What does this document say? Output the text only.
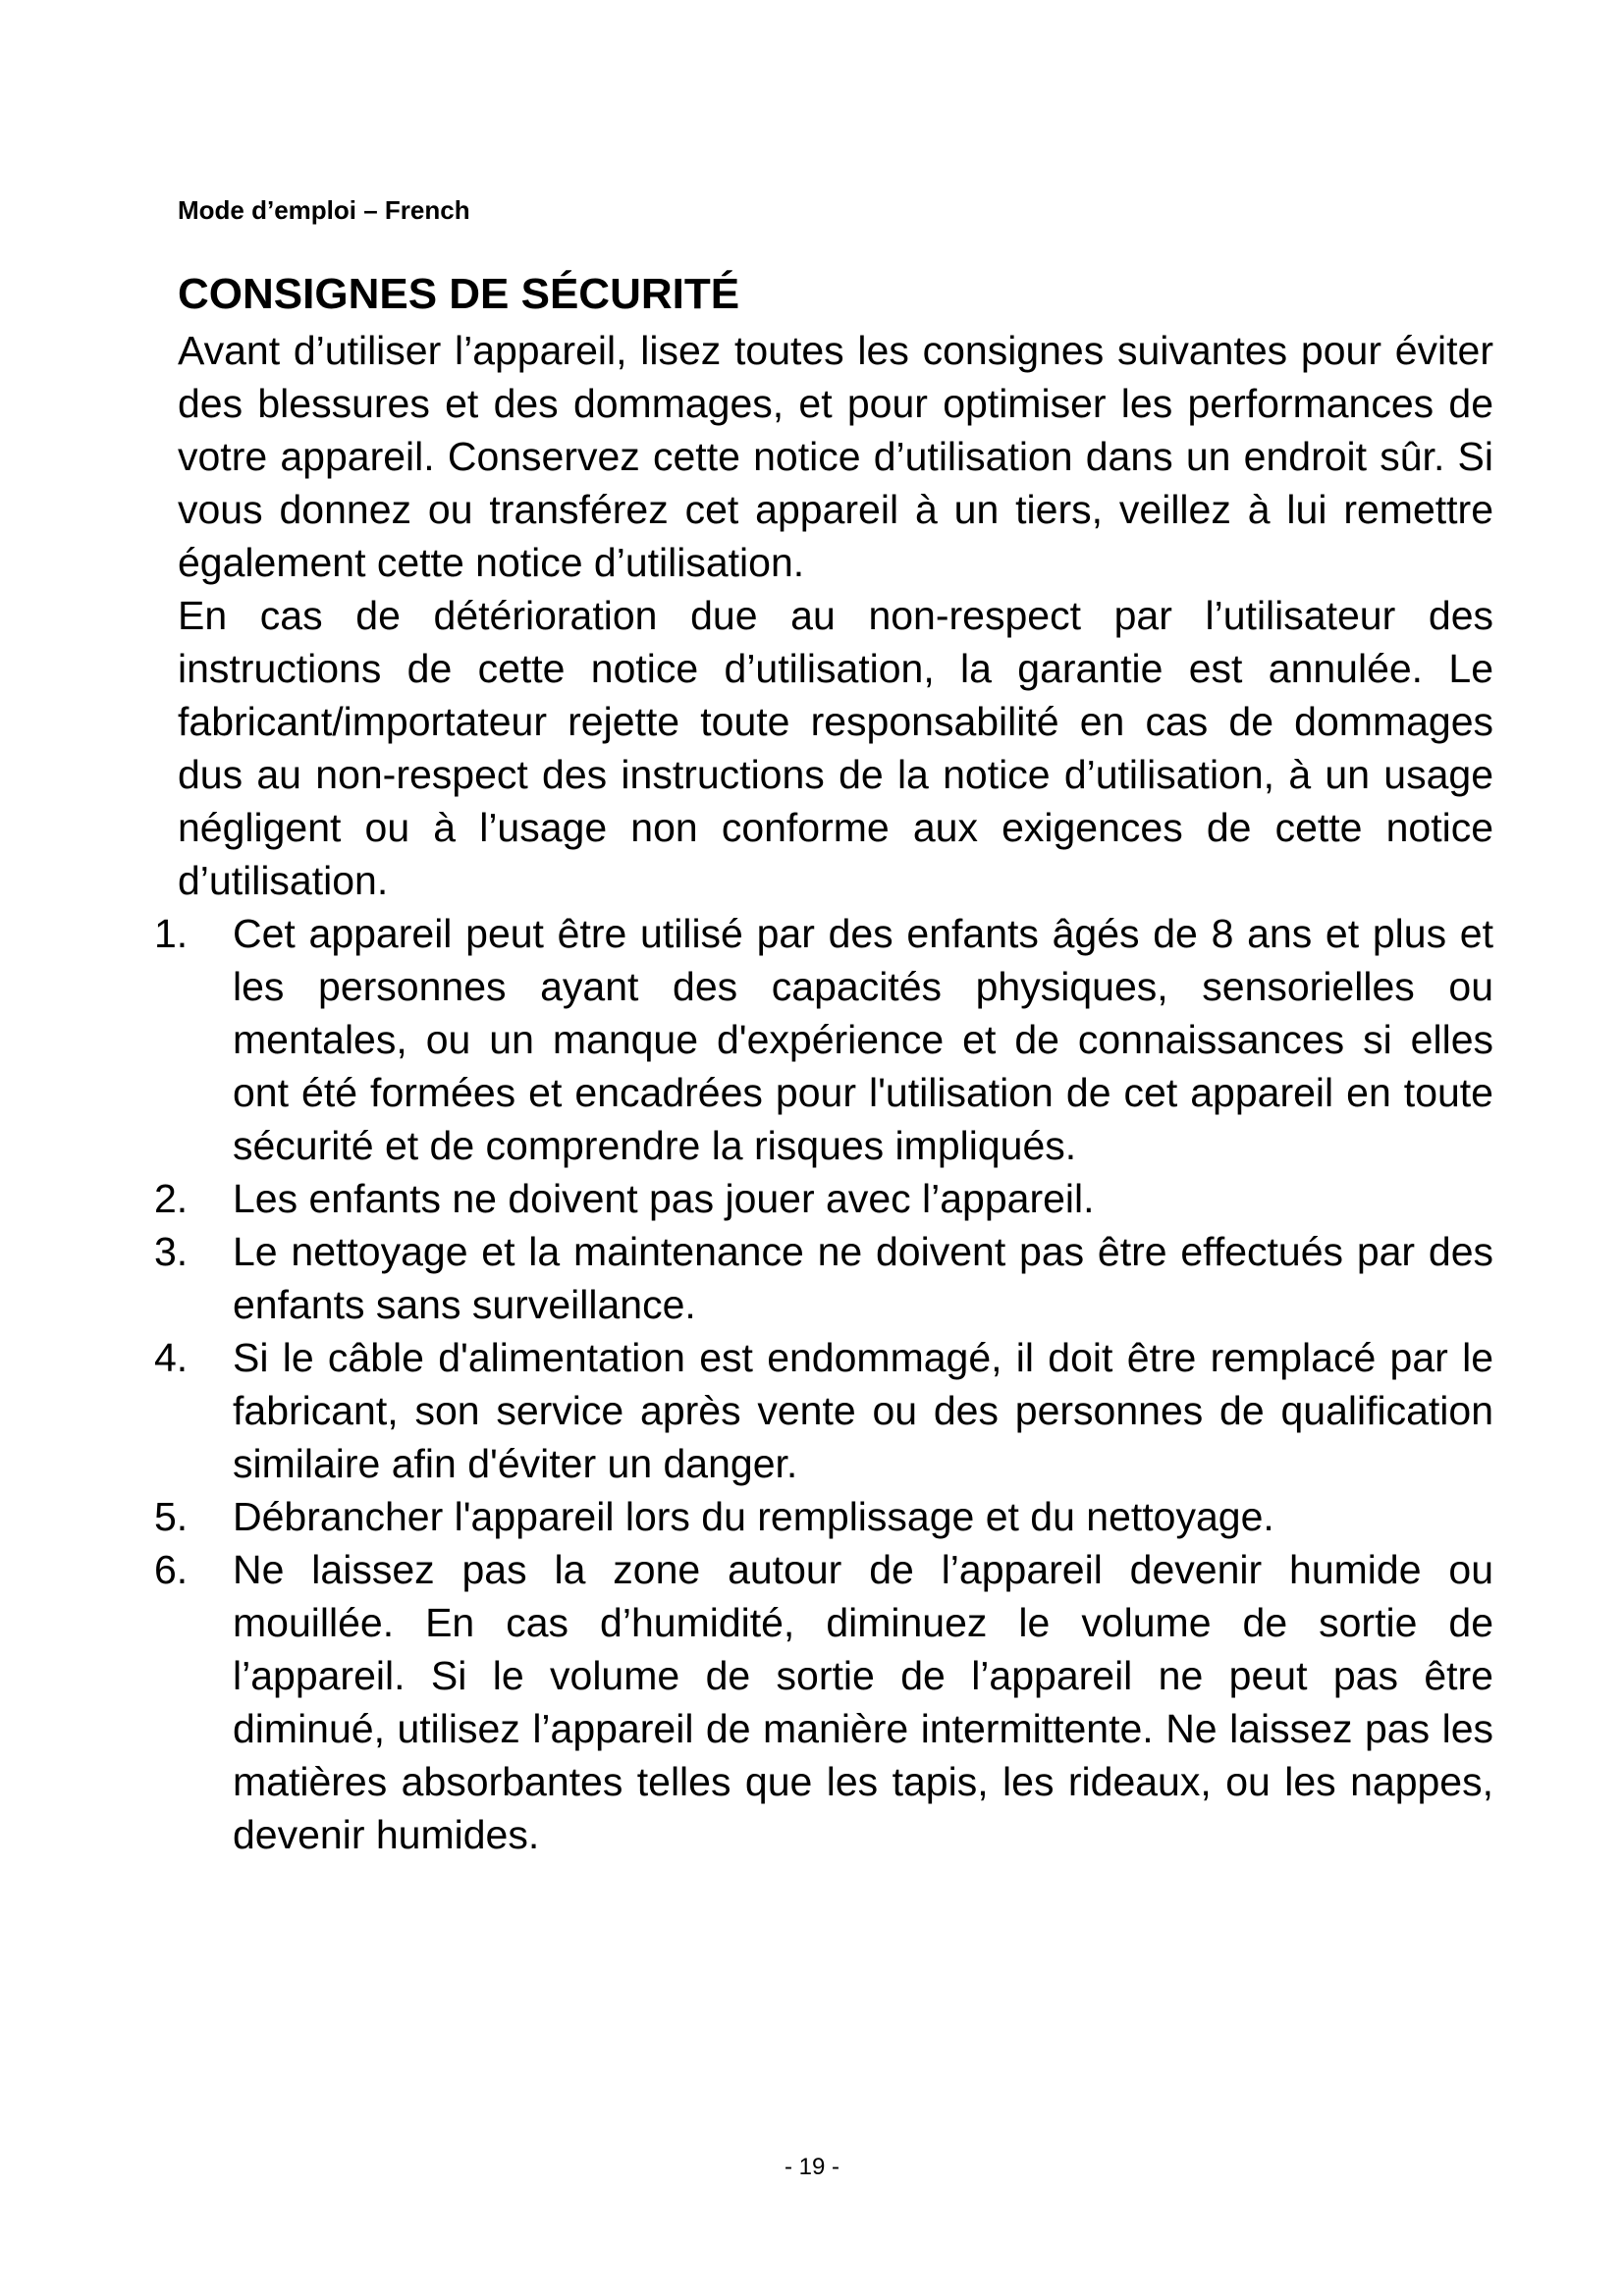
Mode d’emploi – French
CONSIGNES DE SÉCURITÉ

Avant d’utiliser l’appareil, lisez toutes les consignes suivantes pour éviter des blessures et des dommages, et pour optimiser les performances de votre appareil. Conservez cette notice d’utilisation dans un endroit sûr. Si vous donnez ou transférez cet appareil à un tiers, veillez à lui remettre également cette notice d’utilisation.

En cas de détérioration due au non-respect par l’utilisateur des instructions de cette notice d’utilisation, la garantie est annulée. Le fabricant/importateur rejette toute responsabilité en cas de dommages dus au non-respect des instructions de la notice d’utilisation, à un usage négligent ou à l’usage non conforme aux exigences de cette notice d’utilisation.

1.	Cet appareil peut être utilisé par des enfants âgés de 8 ans et plus et les personnes ayant des capacités physiques, sensorielles ou mentales, ou un manque d'expérience et de connaissances si elles ont été formées et encadrées pour l'utilisation de cet appareil en toute sécurité et de comprendre la risques impliqués.
2.	Les enfants ne doivent pas jouer avec l’appareil.
3.	Le nettoyage et la maintenance ne doivent pas être effectués par des enfants sans surveillance.
4.	Si le câble d'alimentation est endommagé, il doit être remplacé par le fabricant, son service après vente ou des personnes de qualification similaire afin d'éviter un danger.
5.	Débrancher l'appareil lors du remplissage et du nettoyage.
6.	Ne laissez pas la zone autour de l’appareil devenir humide ou mouillée. En cas d’humidité, diminuez le volume de sortie de l’appareil. Si le volume de sortie de l’appareil ne peut pas être diminué, utilisez l’appareil de manière intermittente. Ne laissez pas les matières absorbantes telles que les tapis, les rideaux, ou les nappes, devenir humides.
- 19 -
